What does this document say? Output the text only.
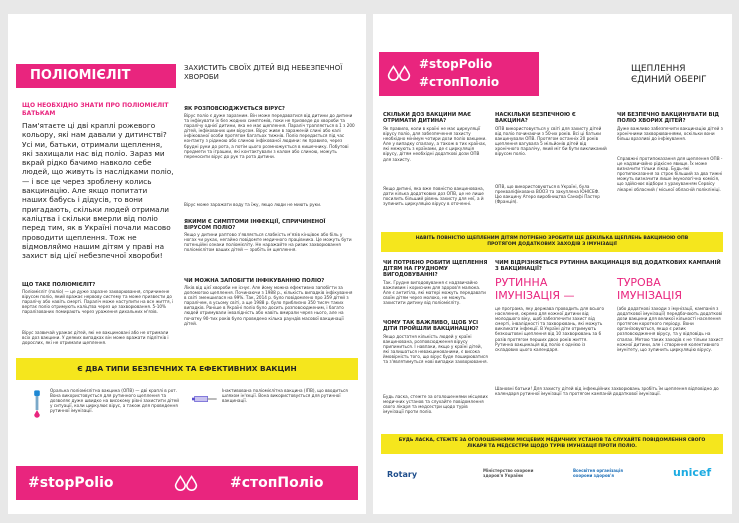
ПОЛІОМІЄЛІТ
ЩО НЕОБХІДНО ЗНАТИ ПРО ПОЛІОМІЄЛІТ БАТЬКАМ
Пам'ятаєте ці дві краплі рожевого кольору, які нам давали у дитинстві? Усі ми, батьки, отримали щеплення, які захищали нас від поліо. Зараз ми вкрай рідко бачимо навколо себе людей, що живуть із наслідками поліо, — і все це через зроблену колись вакцинацію. Але якщо попитати наших бабусь і дідусів, то вони пригадають, скільки людей отримали каліцтва і скільки вмерли від поліо перед тим, як в Україні почали масово проводити щеплення. Тож не відмовляймо нашим дітям у праві на захист від цієї небезпечної хвороби!
ЩО ТАКЕ ПОЛІОМІЄЛІТ?
Поліомієліт (поліо) — це дуже заразне захворювання, спричинене вірусом поліо, який вражає нервову систему та може призвести до паралічу або навіть смерті. Параліч може наступити на все життя, і вертає поліо отримують каліцтва через це захворювання. 5-10% паралізованих помирають через ураження дихальних м'язів.
Вірус зазвичай уражає дітей, які не вакциновані або не отримали всіх доз вакцини. У деяких випадках він може вражати підлітків і дорослих, які не отримали щеплення.
ЗАХИСТИТЬ СВОЇХ ДІТЕЙ ВІД НЕБЕЗПЕЧНОЇ ХВОРОБИ
ЯК РОЗПОВСЮДЖУЄТЬСЯ ВІРУС?
Вірус поліо є дуже заразним. Він може передаватися від дитини до дитини та інфікувати їх без жодних симптомів, поки не призведе до хвороби та паралічу однієї дитини, яка не має щеплення. Параліч трапляється в 1 з 200 дітей, інфікованих цим вірусом. Вірус живе в зараженій слині або калі інфікованої особи протягом багатьох тижнів. Поліо передається під час контакту з рідиною або слиною інфікованої людини: як правило, через брудні руки до рота, а потім цього розмножується в кишечнику. Побутові предмети та іграшки, які контактували з калом або слиною, можуть переносити вірус до рук та рота дитини.
Вірус може заражати воду та їжу, якщо люди не миють руки.
ЯКИМИ Є СИМПТОМИ ІНФЕКЦІЇ, СПРИЧИНЕНОЇ ВІРУСОМ ПОЛІО?
Якщо у дитини раптово з'являється слабкість м'язів кінцівок або біль у ногах чи руках, негайно повідомте медичного працівника. Це можуть бути потенційні ознаки поліомієліту. Не наражайте на ризик захворювання поліомієлітом ваших дітей — зробіть їм щеплення.
ЧИ МОЖНА ЗАПОБІГТИ ІНФІКУВАННЮ ПОЛІО?
Ліків від цієї хвороби не існує. Але йому можна ефективно запобігти за допомогою щеплення. Починаючи з 1988 р., кількість випадків інфікування в світі зменшилася на 99%. Так, 2014 р. було повідомлено про 359 дітей з паралічем, в усьому світі, а ще 1988 р. було приблизно 350 тисяч таких випадків. Раніше в Україні поліо було досить розповсюдженим, і багато людей отримували інвалідність або навіть вмирали через нього, але на початку 90-тих років було проведено кілька раундів масової вакцинації дітей.
Є ДВА ТИПИ БЕЗПЕЧНИХ ТА ЕФЕКТИВНИХ ВАКЦИН
Оральна поліомієлітна вакцина (ОПВ) — дві краплі в рот. Вона використовується для рутинного щеплення та дозволяє дуже швидко на високому рівні захистити дітей у ситуації, коли циркулює вірус, а також для проведення рутинної імунізації.
Інактивована поліомієлітна вакцина (ІПВ), що вводиться шляхом ін'єкції. Вона використовується для рутинної вакцинації.
#stopPolio	#стопПоліо
#stopPolio
#стопПоліо
ЩЕПЛЕННЯ ЄДИНИЙ ОБЕРІГ
СКІЛЬКИ ДОЗ ВАКЦИНИ МАЄ ОТРИМАТИ ДИТИНА?
Як правило, коли в країні не має циркуляції вірусу поліо, для забезпечення захисту необхідно мінімум чотири дози поліо вакцини. Але у випадку спалаху, а також в тих країнах, які межують з країнами, де є циркуляція вірусу, дітям необхідні додаткові дози ОПВ для захисту.
Якщо дитині, яка вже повністю вакцинована, дати кілька додаткових доз ОПВ, це не лише посилить більший рівень захисту для неї, а й зупинить циркуляцію вірусу в оточенні.
НАСКІЛЬКИ БЕЗПЕЧНОЮ Є ВАКЦИНА?
ОПВ використовується у світі для захисту дітей від поліо починаючи з 50-их років. Всі ці батьки вакцинували ОПВ. Протягом останніх 20 років щеплення вагувала 5 мільйонів дітей від хронічного паралічу, який міг би бути викликаний вірусом поліо.
ОПВ, що використовуються в Україні, була прекваліфікована ВООЗ та закуплена ЮНІСЕФ. Цю вакцину Атеро виробництва Санофі Пастер (Франція).
ЧИ БЕЗПЕЧНО ВАКЦИНУВАТИ ВІД ПОЛІО ХВОРИХ ДІТЕЙ?
Дуже важливо забезпечити вакцинацію дітей з хронічними захворюваннями, оскільки вони більш вразливі до інфікування.
Справжні протипоказання для щеплення ОПВ - це надзвичайно рідкісне явище. Їх може визначити тільки лікар. Будь-які протипоказання за строк більший за два тижні можуть визначити лише імунологічна комісія, що здійснює відбори з урахуванням Сервісу лікарні обласний / міської обласній поліклініці.
НАВІТЬ ПОВНІСТЮ ЩЕПЛЕНИМ ДІТЯМ ПОТРІБНО ЗРОБИТИ ЩЕ ДЕКІЛЬКА ЩЕПЛЕНЬ ВАКЦИНОЮ ОПВ ПРОТЯГОМ ДОДАТКОВИХ ЗАХОДІВ З ІМУНІЗАЦІЇ
ЧИ ПОТРІБНО РОБИТИ ЩЕПЛЕННЯ ДІТЯМ НА ГРУДНОМУ ВИГОДОВУВАННІ?
Так. Грудне вигодовування є надзвичайно важливим і корисним для здоров'я малюка. Але є антитіла, які матері можуть передавати своїм дітям через молоко, не можуть захистити дитину від поліомієліту.
ЧОМУ ТАК ВАЖЛИВО, ЩОБ УСІ ДІТИ ПРОЙШЛИ ВАКЦИНАЦІЮ?
Якщо достатня кількість людей у країні вакцинована, розповсюдження вірусу припиниться. І навпаки, якщо у країні дітей, які залишаться невакцинованими, є висока ймовірність того, що вірус буде поширюватися та з'являтимуться нові випадки захворювання.
Будь ласка, стежте за оголошеннями місцевих медичних установ та слухайте повідомлення свого лікаря та медсестри щодо турів імунізації проти поліо.
ЧИМ ВІДРІЗНЯЄТЬСЯ РУТИННА ВАКЦИНАЦІЯ ВІД ДОДАТКОВИХ КАМПАНІЙ З ВАКЦИНАЦІЇ?
РУТИННА ІМУНІЗАЦІЯ —
ТУРОВА ІМУНІЗАЦІЯ
це програма, яку держава проводить для всього населення, окремо для кожної дитини від молодшого віку, щоб забезпечити захист від смерті, інвалідності та захворювань, які можуть викликати інфекції. В Україні діти отримують безкоштовні щеплення від 10 захворювань за 6 разів протягом перших двох років життя. Рутинна вакцинація від поліо є однією із складових цього календаря.
(або додаткові заходи з імунізації, кампанія з додаткової імунізації) передбачають додаткові дози вакцини для великої кількості населення протягом короткого періоду. Вони організовуються, якщо є ризик розповсюдження вірусу, та у відповідь на спалах. Метою таких заходів є не тільки захист кожної дитини, але і створення колективного імунітету, що зупинить циркуляцію вірусу.
Шановні батьки! Для захисту дітей від інфекційних захворювань зробіть їм щеплення відповідно до календаря рутинної імунізації та протягом кампаній додаткової імунізації.
БУДЬ ЛАСКА, СТЕЖТЕ ЗА ОГОЛОШЕННЯМИ МІСЦЕВИХ МЕДИЧНИХ УСТАНОВ ТА СЛУХАЙТЕ ПОВІДОМЛЕННЯ СВОГО ЛІКАРЯ ТА МЕДСЕСТРИ ЩОДО ТУРІВ ІМУНІЗАЦІЇ ПРОТИ ПОЛІО.
Rotary	Міністерство охорони здоров'я України
Всесвітня організація охорони здоров'я	unicef
